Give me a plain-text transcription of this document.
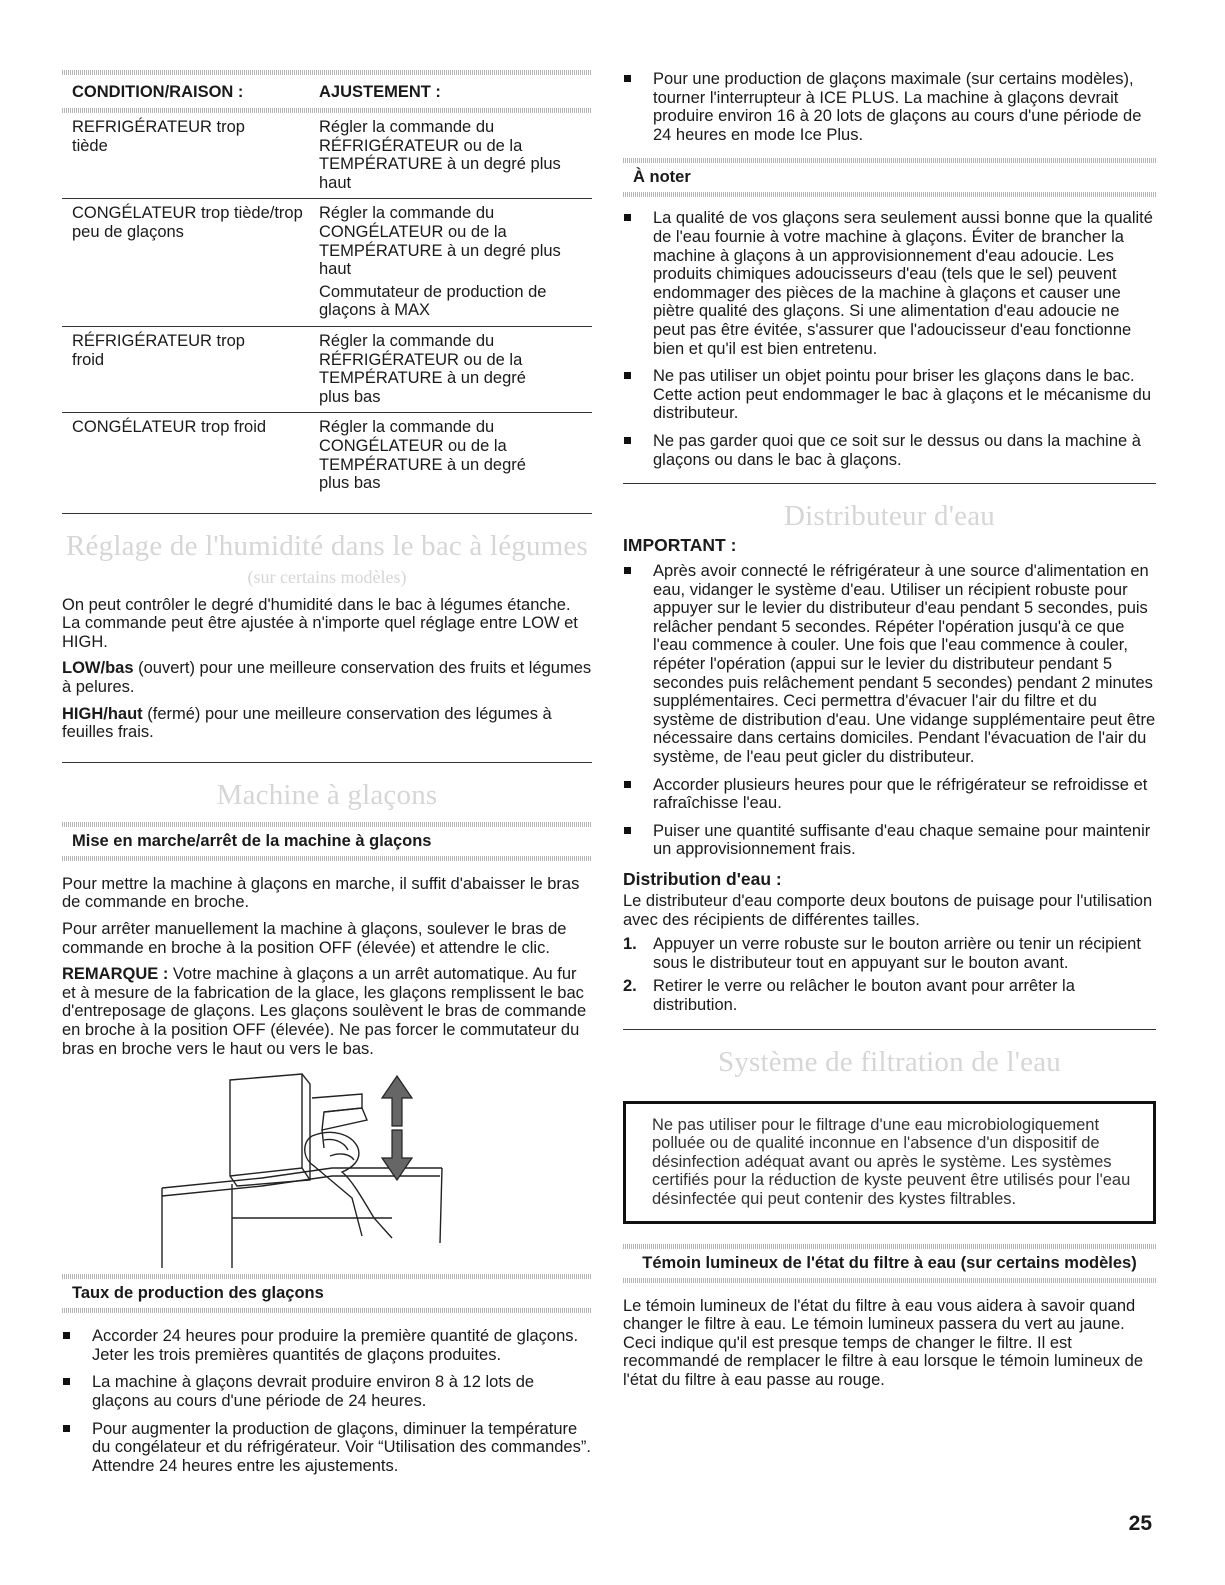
CONDITION/RAISON :	AJUSTEMENT :

REFRIGÉRATEUR trop tiède

Régler la commande du RÉFRIGÉRATEUR ou de la TEMPÉRATURE à un degré plus haut

CONGÉLATEUR trop tiède/trop peu de glaçons

Régler la commande du CONGÉLATEUR ou de la TEMPÉRATURE à un degré plus haut

Commutateur de production de glaçons à MAX

RÉFRIGÉRATEUR trop froid

Régler la commande du RÉFRIGÉRATEUR ou de la TEMPÉRATURE à un degré plus bas

CONGÉLATEUR trop froid	Régler la commande du CONGÉLATEUR ou de la TEMPÉRATURE à un degré plus bas

Réglage de l'humidité dans le bac à légumes
(sur certains modèles)

On peut contrôler le degré d'humidité dans le bac à légumes étanche. La commande peut être ajustée à n'importe quel réglage entre LOW et HIGH.

LOW/bas (ouvert) pour une meilleure conservation des fruits et légumes à pelures.

HIGH/haut (fermé) pour une meilleure conservation des légumes à feuilles frais.

Machine à glaçons
Mise en marche/arrêt de la machine à glaçons

Pour mettre la machine à glaçons en marche, il suffit d'abaisser le bras de commande en broche.

Pour arrêter manuellement la machine à glaçons, soulever le bras de commande en broche à la position OFF (élevée) et attendre le clic.

REMARQUE : Votre machine à glaçons a un arrêt automatique. Au fur et à mesure de la fabrication de la glace, les glaçons remplissent le bac d'entreposage de glaçons. Les glaçons soulèvent le bras de commande en broche à la position OFF (élevée). Ne pas forcer le commutateur du bras en broche vers le haut ou vers le bas.

Taux de production des glaçons
Accorder 24 heures pour produire la première quantité de glaçons. Jeter les trois premières quantités de glaçons produites.
La machine à glaçons devrait produire environ 8 à 12 lots de glaçons au cours d'une période de 24 heures.
Pour augmenter la production de glaçons, diminuer la température du congélateur et du réfrigérateur. Voir “Utilisation des commandes”. Attendre 24 heures entre les ajustements.
Pour une production de glaçons maximale (sur certains modèles), tourner l'interrupteur à ICE PLUS. La machine à glaçons devrait produire environ 16 à 20 lots de glaçons au cours d'une période de 24 heures en mode Ice Plus.
À noter
La qualité de vos glaçons sera seulement aussi bonne que la qualité de l'eau fournie à votre machine à glaçons. Éviter de brancher la machine à glaçons à un approvisionnement d'eau adoucie. Les produits chimiques adoucisseurs d'eau (tels que le sel) peuvent endommager des pièces de la machine à glaçons et causer une piètre qualité des glaçons. Si une alimentation d'eau adoucie ne peut pas être évitée, s'assurer que l'adoucisseur d'eau fonctionne bien et qu'il est bien entretenu.
Ne pas utiliser un objet pointu pour briser les glaçons dans le bac. Cette action peut endommager le bac à glaçons et le mécanisme du distributeur.
Ne pas garder quoi que ce soit sur le dessus ou dans la machine à glaçons ou dans le bac à glaçons.
Distributeur d'eau
IMPORTANT :
Après avoir connecté le réfrigérateur à une source d'alimentation en eau, vidanger le système d'eau. Utiliser un récipient robuste pour appuyer sur le levier du distributeur d'eau pendant 5 secondes, puis relâcher pendant 5 secondes. Répéter l'opération jusqu'à ce que l'eau commence à couler. Une fois que l'eau commence à couler, répéter l'opération (appui sur le levier du distributeur pendant 5 secondes puis relâchement pendant 5 secondes) pendant 2 minutes supplémentaires. Ceci permettra d'évacuer l'air du filtre et du système de distribution d'eau. Une vidange supplémentaire peut être nécessaire dans certains domiciles. Pendant l'évacuation de l'air du système, de l'eau peut gicler du distributeur.
Accorder plusieurs heures pour que le réfrigérateur se refroidisse et rafraîchisse l'eau.
Puiser une quantité suffisante d'eau chaque semaine pour maintenir un approvisionnement frais.
Distribution d'eau :

Le distributeur d'eau comporte deux boutons de puisage pour l'utilisation avec des récipients de différentes tailles.

1. Appuyer un verre robuste sur le bouton arrière ou tenir un récipient sous le distributeur tout en appuyant sur le bouton avant.
2. Retirer le verre ou relâcher le bouton avant pour arrêter la distribution.
Système de filtration de l'eau

Ne pas utiliser pour le filtrage d'une eau microbiologiquement polluée ou de qualité inconnue en l'absence d'un dispositif de désinfection adéquat avant ou après le système. Les systèmes certifiés pour la réduction de kyste peuvent être utilisés pour l'eau désinfectée qui peut contenir des kystes filtrables.

Témoin lumineux de l'état du filtre à eau (sur certains modèles)

Le témoin lumineux de l'état du filtre à eau vous aidera à savoir quand changer le filtre à eau. Le témoin lumineux passera du vert au jaune. Ceci indique qu'il est presque temps de changer le filtre. Il est recommandé de remplacer le filtre à eau lorsque le témoin lumineux de l'état du filtre à eau passe au rouge.

25
